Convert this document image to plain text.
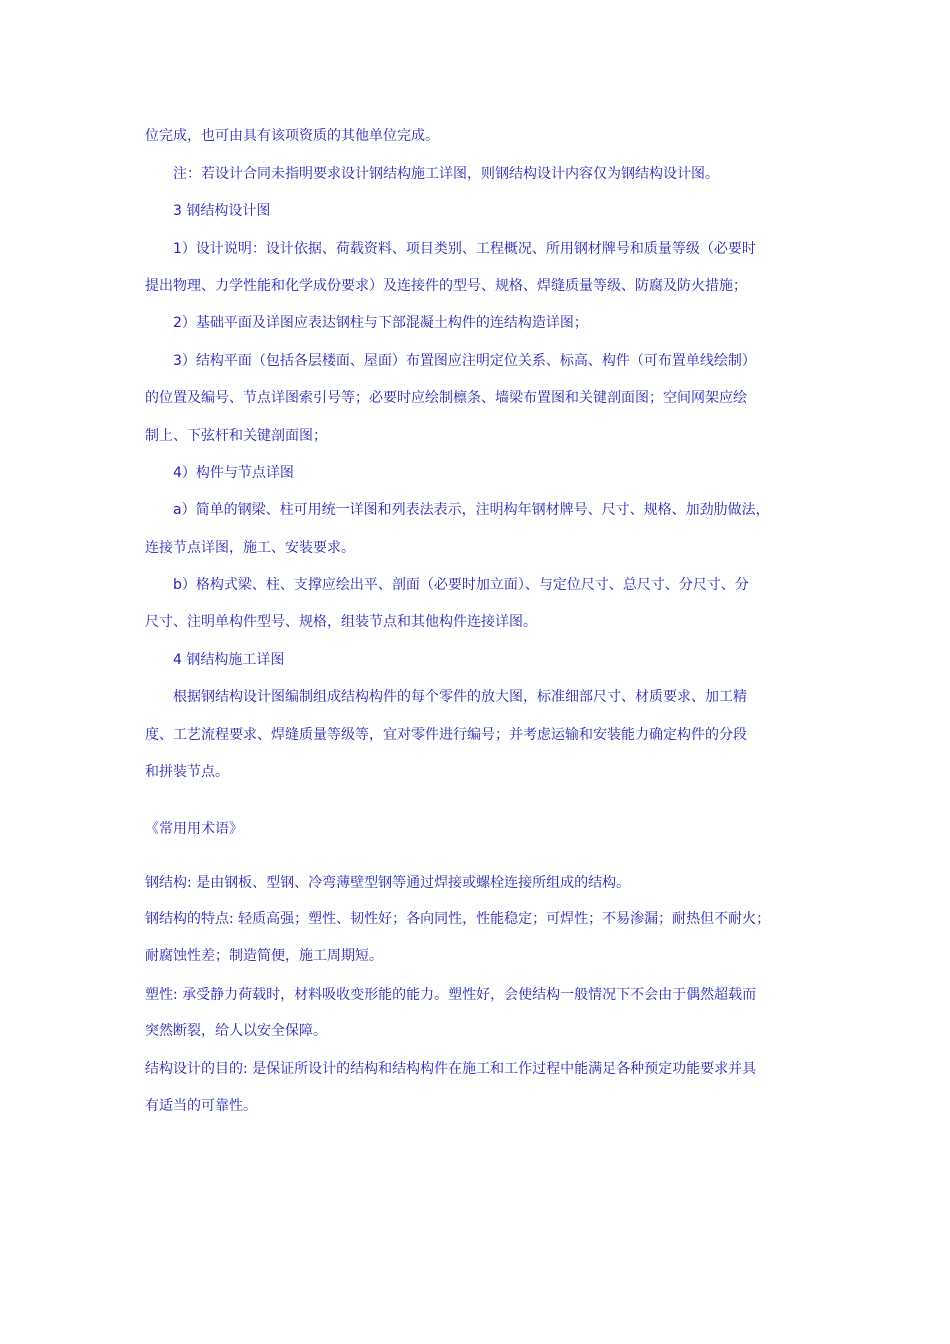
位完成，也可由具有该项资质的其他单位完成。
注：若设计合同未指明要求设计钢结构施工详图，则钢结构设计内容仅为钢结构设计图。
3 钢结构设计图
1）设计说明：设计依据、荷载资料、项目类别、工程概况、所用钢材牌号和质量等级（必要时
提出物理、力学性能和化学成份要求）及连接件的型号、规格、焊缝质量等级、防腐及防火措施；
2）基础平面及详图应表达钢柱与下部混凝土构件的连结构造详图；
3）结构平面（包括各层楼面、屋面）布置图应注明定位关系、标高、构件（可布置单线绘制）
的位置及编号、节点详图索引号等；必要时应绘制檩条、墙梁布置图和关键剖面图；空间网架应绘
制上、下弦杆和关键剖面图；
4）构件与节点详图
a）简单的钢梁、柱可用统一详图和列表法表示，注明构年钢材牌号、尺寸、规格、加劲肋做法，
连接节点详图，施工、安装要求。
b）格构式梁、柱、支撑应绘出平、剖面（必要时加立面）、与定位尺寸、总尺寸、分尺寸、分
尺寸、注明单构件型号、规格，组装节点和其他构件连接详图。
4 钢结构施工详图
根据钢结构设计图编制组成结构构件的每个零件的放大图，标准细部尺寸、材质要求、加工精
度、工艺流程要求、焊缝质量等级等，宜对零件进行编号；并考虑运输和安装能力确定构件的分段
和拼装节点。
《常用用术语》
钢结构: 是由钢板、型钢、冷弯薄壁型钢等通过焊接或螺栓连接所组成的结构。
钢结构的特点: 轻质高强；塑性、韧性好；各向同性，性能稳定；可焊性；不易渗漏；耐热但不耐火；
耐腐蚀性差；制造简便，施工周期短。
塑性: 承受静力荷载时，材料吸收变形能的能力。塑性好，会使结构一般情况下不会由于偶然超载而
突然断裂，给人以安全保障。
结构设计的目的: 是保证所设计的结构和结构构件在施工和工作过程中能满足各种预定功能要求并具
有适当的可靠性。
